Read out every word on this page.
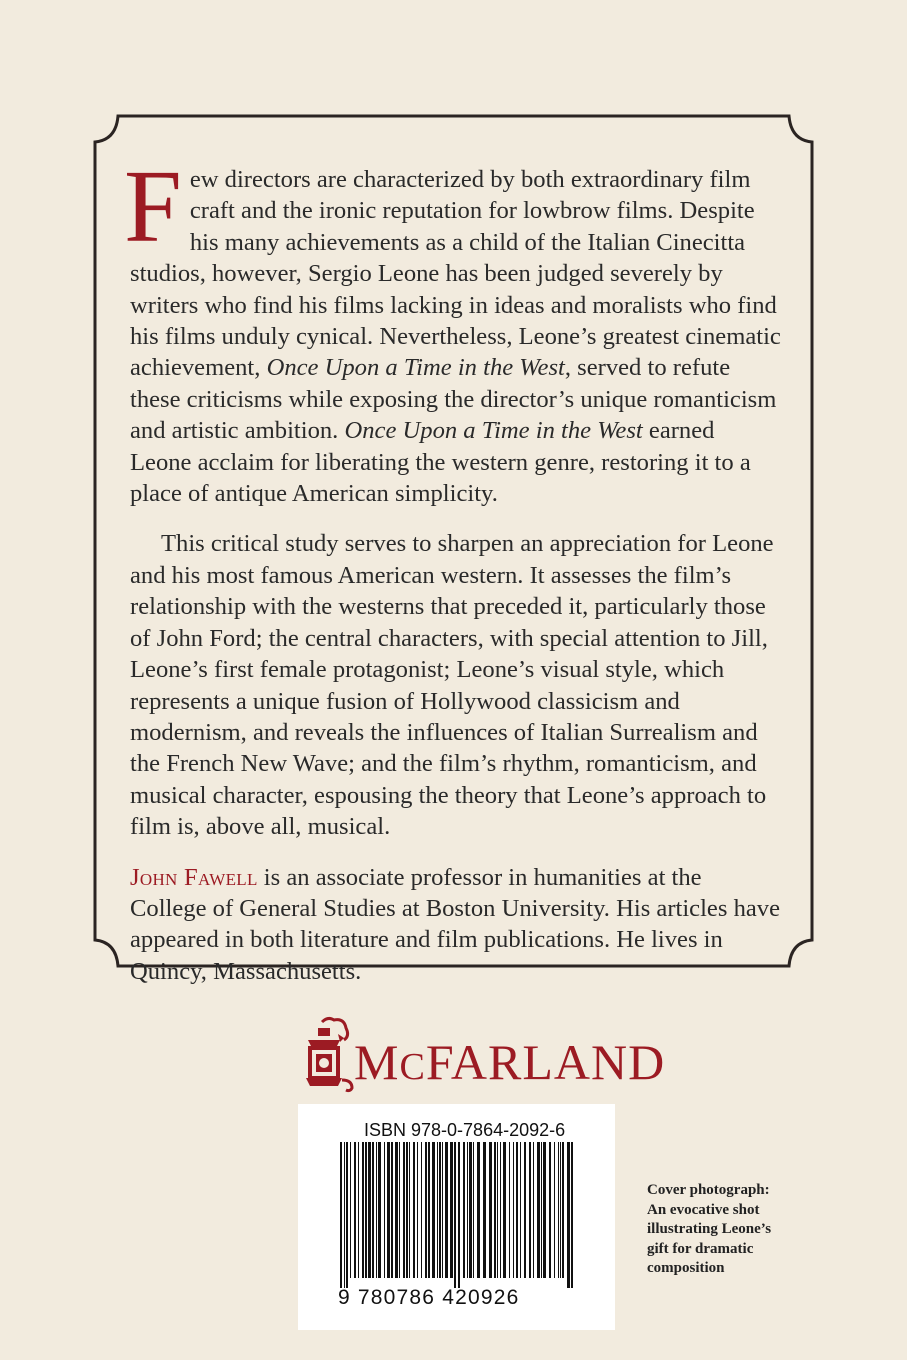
Few directors are characterized by both extraordinary film craft and the ironic reputation for lowbrow films. Despite his many achievements as a child of the Italian Cinecitta studios, however, Sergio Leone has been judged severely by writers who find his films lacking in ideas and moralists who find his films unduly cynical. Nevertheless, Leone’s greatest cinematic achievement, Once Upon a Time in the West, served to refute these criticisms while exposing the director’s unique romanticism and artistic ambition. Once Upon a Time in the West earned Leone acclaim for liberating the western genre, restoring it to a place of antique American simplicity.

This critical study serves to sharpen an appreciation for Leone and his most famous American western. It assesses the film’s relationship with the westerns that preceded it, particularly those of John Ford; the central characters, with special attention to Jill, Leone’s first female protagonist; Leone’s visual style, which represents a unique fusion of Hollywood classicism and modernism, and reveals the influences of Italian Surrealism and the French New Wave; and the film’s rhythm, romanticism, and musical character, espousing the theory that Leone’s approach to film is, above all, musical.

John Fawell is an associate professor in humanities at the College of General Studies at Boston University. His articles have appeared in both literature and film publications. He lives in Quincy, Massachusetts.

MCFARLAND
ISBN 978-0-7864-2092-6
9 780786 420926
Cover photograph:
An evocative shot
illustrating Leone’s
gift for dramatic
composition
